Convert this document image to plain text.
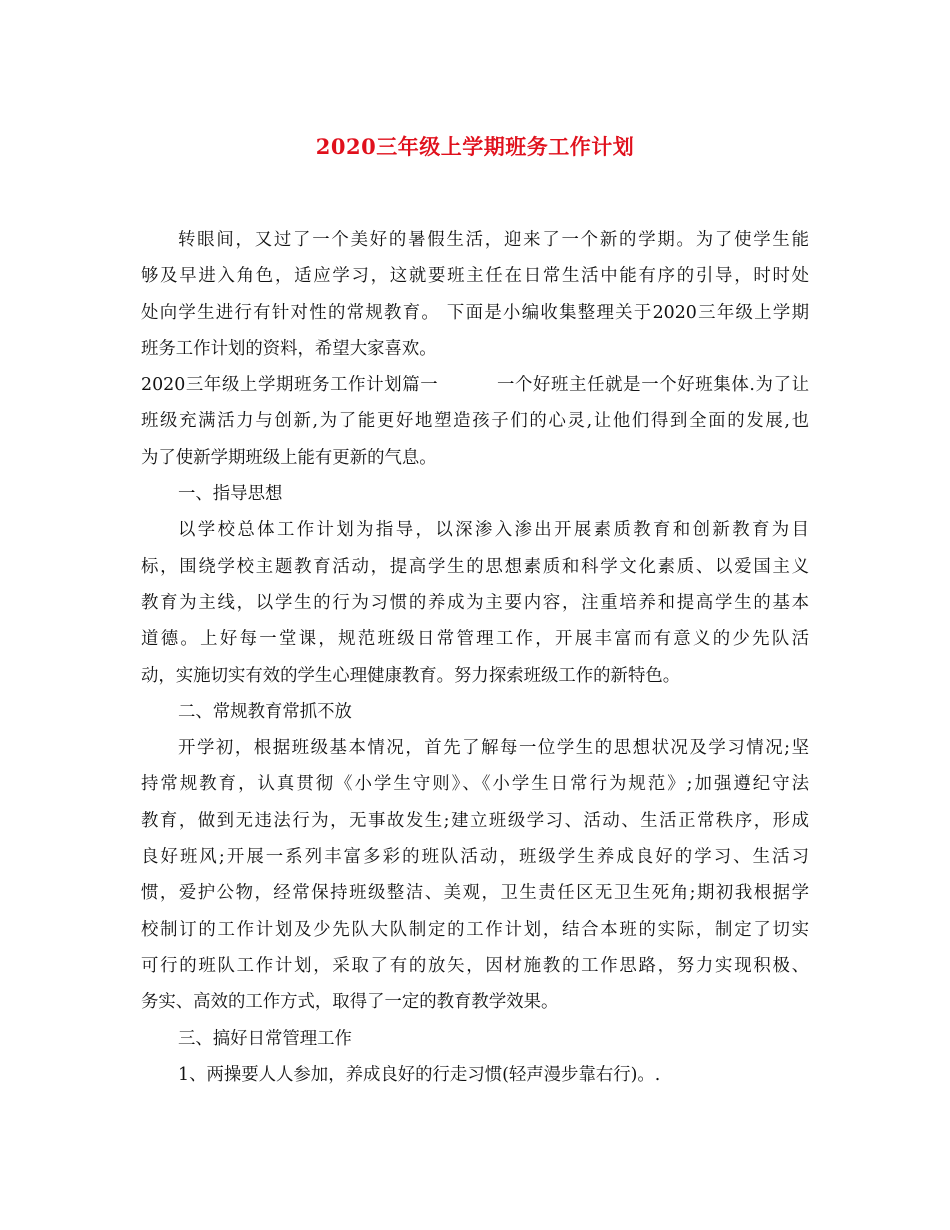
2020三年级上学期班务工作计划
转眼间，又过了一个美好的暑假生活，迎来了一个新的学期。为了使学生能
够及早进入角色，适应学习，这就要班主任在日常生活中能有序的引导，时时处
处向学生进行有针对性的常规教育。 下面是小编收集整理关于2020三年级上学期
班务工作计划的资料，希望大家喜欢。
2020三年级上学期班务工作计划篇一	一个好班主任就是一个好班集体.为了让
班级充满活力与创新,为了能更好地塑造孩子们的心灵,让他们得到全面的发展,也
为了使新学期班级上能有更新的气息。
一、指导思想
以学校总体工作计划为指导，以深渗入渗出开展素质教育和创新教育为目
标，围绕学校主题教育活动，提高学生的思想素质和科学文化素质、以爱国主义
教育为主线，以学生的行为习惯的养成为主要内容，注重培养和提高学生的基本
道德。上好每一堂课，规范班级日常管理工作，开展丰富而有意义的少先队活
动，实施切实有效的学生心理健康教育。努力探索班级工作的新特色。
二、常规教育常抓不放
开学初，根据班级基本情况，首先了解每一位学生的思想状况及学习情况;坚
持常规教育，认真贯彻《小学生守则》、《小学生日常行为规范》;加强遵纪守法
教育，做到无违法行为，无事故发生;建立班级学习、活动、生活正常秩序，形成
良好班风;开展一系列丰富多彩的班队活动，班级学生养成良好的学习、生活习
惯，爱护公物，经常保持班级整洁、美观，卫生责任区无卫生死角;期初我根据学
校制订的工作计划及少先队大队制定的工作计划，结合本班的实际，制定了切实
可行的班队工作计划，采取了有的放矢，因材施教的工作思路，努力实现积极、
务实、高效的工作方式，取得了一定的教育教学效果。
三、搞好日常管理工作
1、两操要人人参加，养成良好的行走习惯(轻声漫步靠右行)。.
